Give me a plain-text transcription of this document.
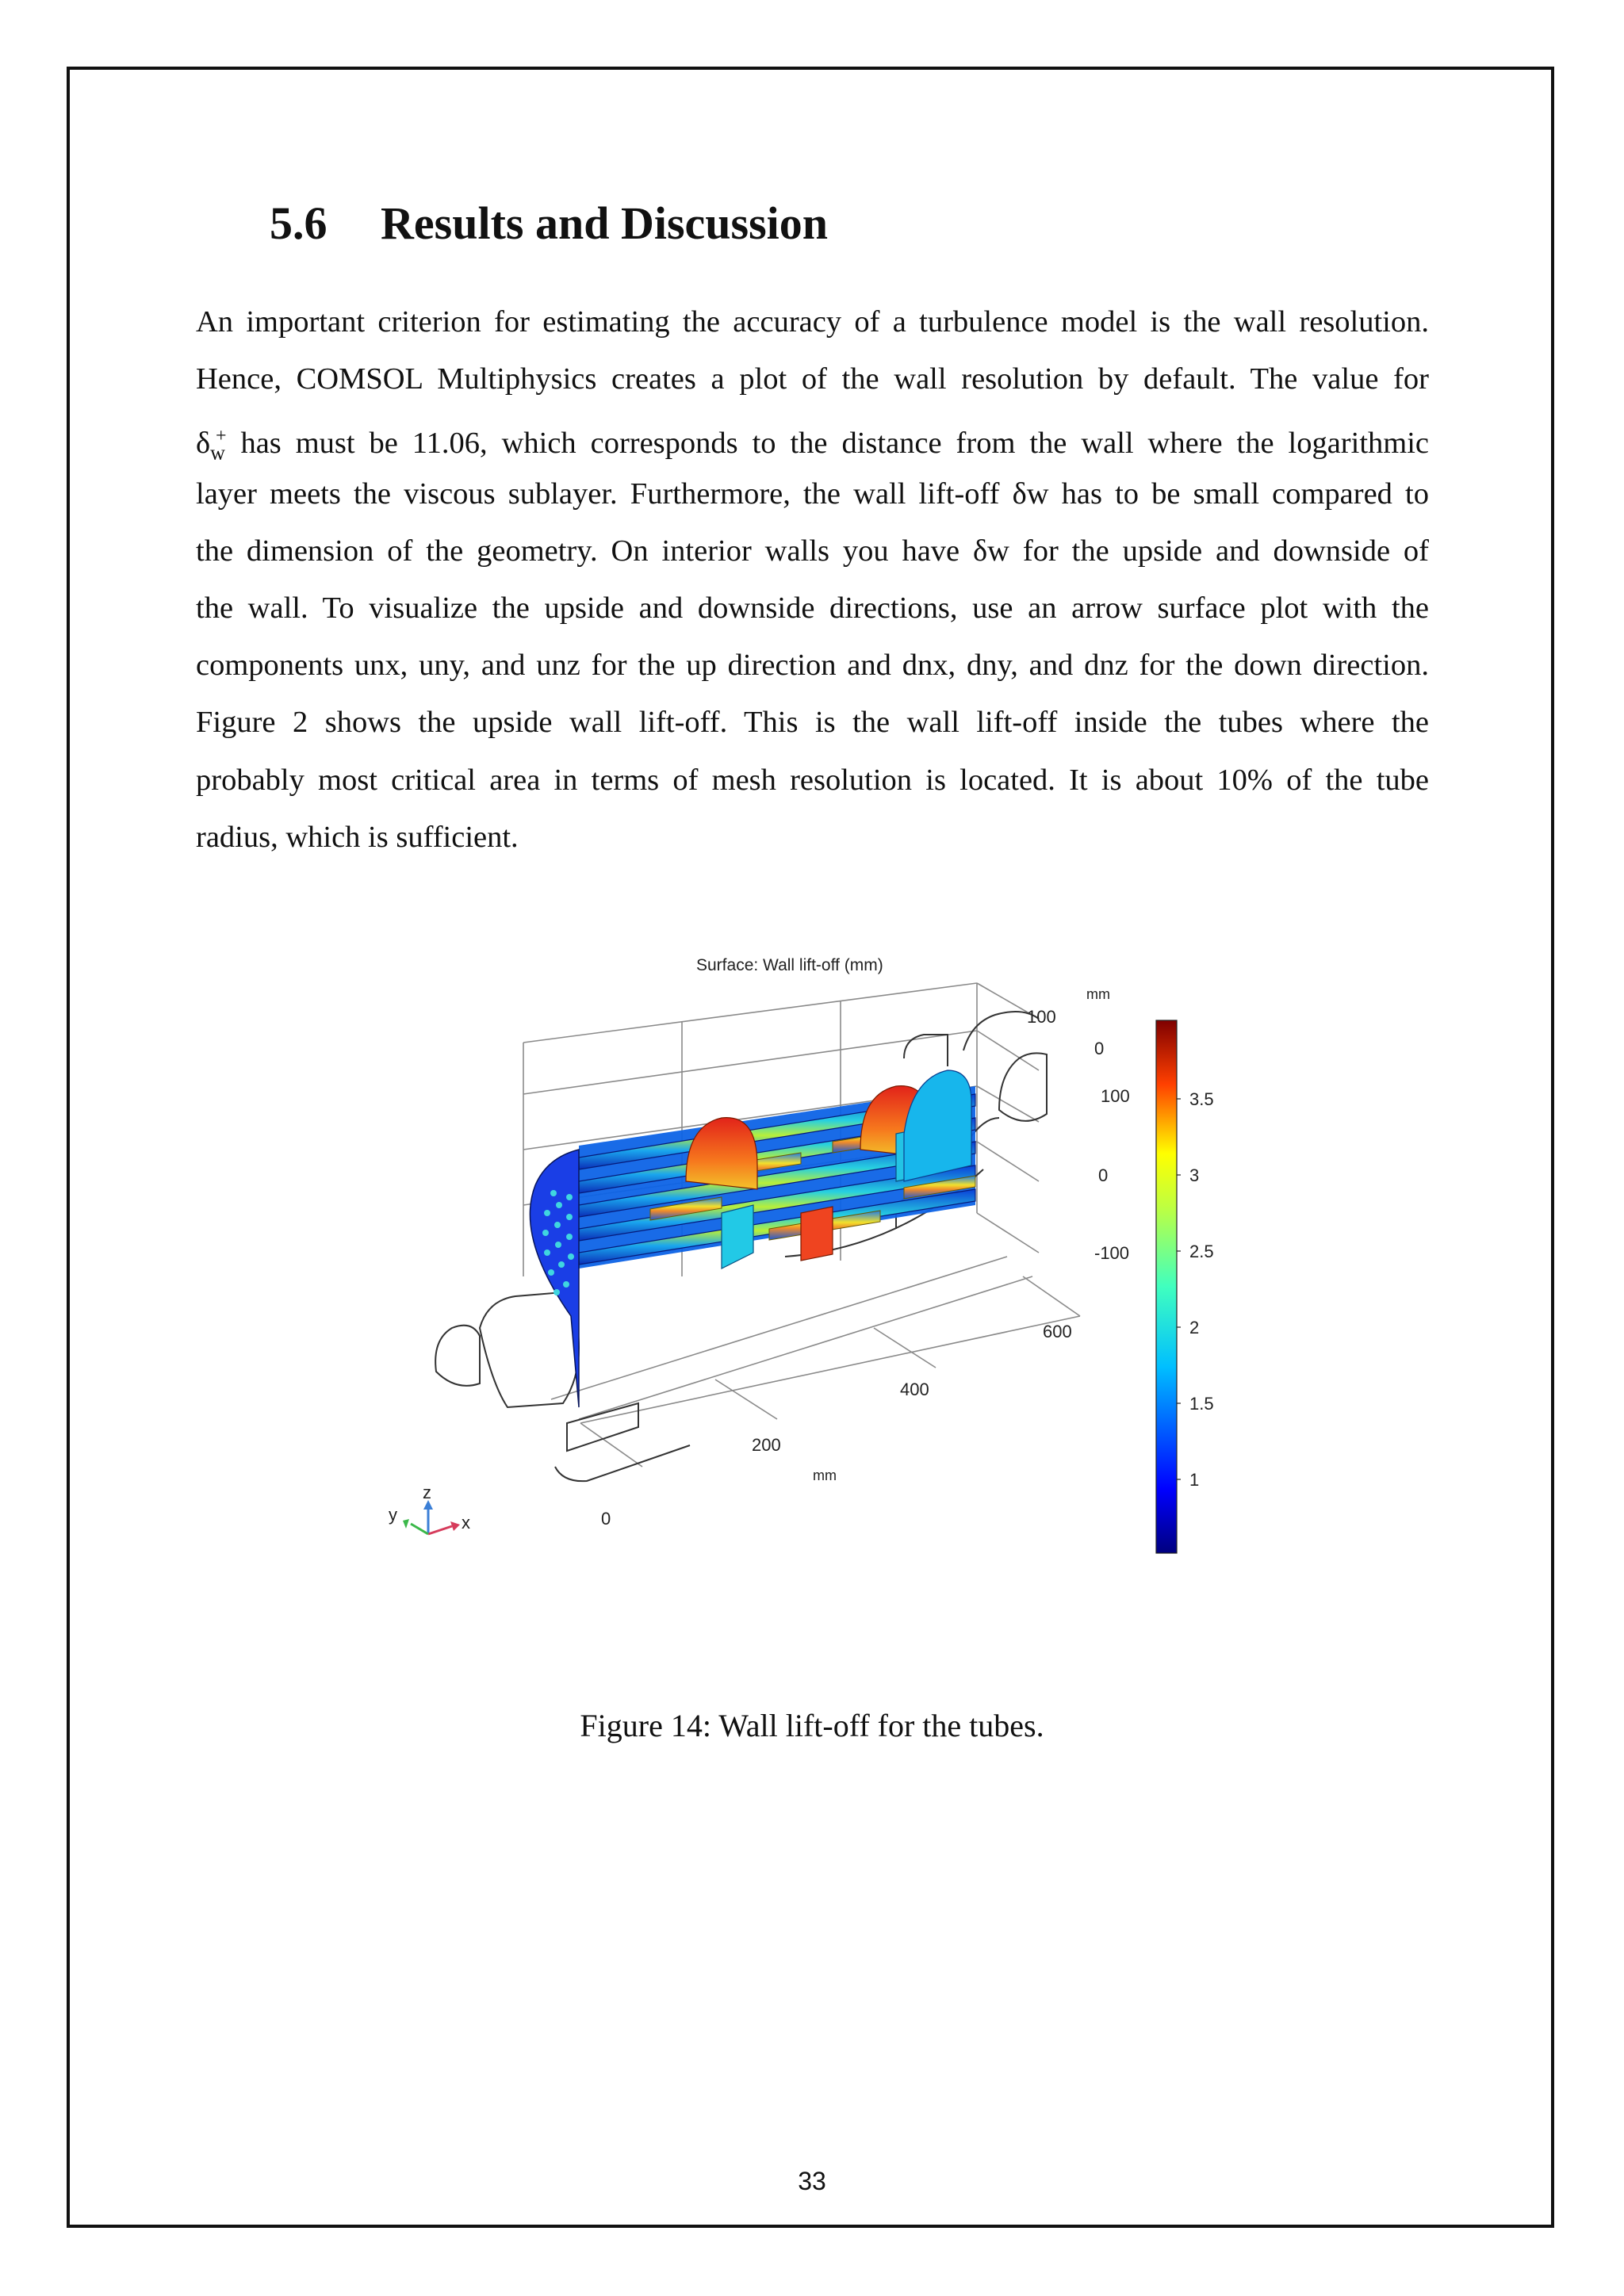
5.6 Results and Discussion
An important criterion for estimating the accuracy of a turbulence model is the wall resolution.
Hence, COMSOL Multiphysics creates a plot of the wall resolution by default. The value for
$\delta_w^+$ has must be 11.06, which corresponds to the distance from the wall where the logarithmic
layer meets the viscous sublayer. Furthermore, the wall lift-off δw has to be small compared to
the dimension of the geometry. On interior walls you have δw for the upside and downside of
the wall. To visualize the upside and downside directions, use an arrow surface plot with the
components unx, uny, and unz for the up direction and dnx, dny, and dnz for the down direction.
Figure 2 shows the upside wall lift-off. This is the wall lift-off inside the tubes where the
probably most critical area in terms of mesh resolution is located. It is about 10% of the tube
radius, which is sufficient.
Surface: Wall lift-off (mm)
mm
100
0
100
0
-100
600
400
200
mm
0
z
x
y
3.5
3
2.5
2
1.5
1
Figure 14: Wall lift-off for the tubes.
33
